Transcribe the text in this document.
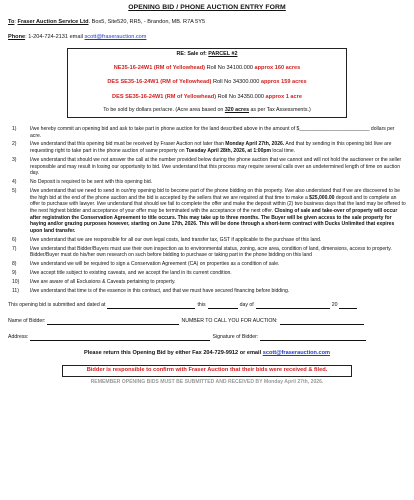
OPENING BID / PHONE AUCTION ENTRY FORM
To: Fraser Auction Service Ltd. Box5, Site520, RR5, - Brandon, MB. R7A 5Y5
Phone: 1-204-724-2131 email scott@fraserauction.com
RE: Sale of: PARCEL #2
NE35-16-24W1 (RM of Yellowhead) Roll No 34100.000 approx 160 acres
DES SE35-16-24W1 (RM of Yellowhead) Roll No 34300.000 approx 159 acres
DES SE35-16-24W1 (RM of Yellowhead) Roll No 34350.000 approx 1 acre
To be sold by dollars per/acre. (Acre area based on 320 acres as per Tax Assessments.)
1)	I/we hereby commit an opening bid and ask to take part in phone auction for the land described above in the amount of $_________________________ dollars per acre.
2)	I/we understand that this opening bid must be received by Fraser Auction not later than Monday April 27th, 2026. And that by sending in this opening bid I/we are requesting right to take part in the phone auction of same property on Tuesday April 28th, 2026, at 1:00pm local time.
3)	I/we understand that should we not answer the call at the number provided below during the phone auction that we cannot and will not hold the auctioneer or the seller responsible and may result in losing our opportunity to bid. I/we understand that this process may require several calls over an undetermined length of time on auction day.
4)	No Deposit is required to be sent with this opening bid.
5)	I/we understand that we need to send in our/my opening bid to become part of the phone bidding on this property. I/we also understand that if we are discovered to be the high bid at the end of the phone auction and the bid is accepted by the sellers that we are required at that time to make a $25,000.00 deposit and to complete an offer to purchase with lawyer. I/we understand that should we fail to complete the offer and make the deposit within (2) two business days that the land may be offered to the next highest bidder and acceptance of your offer may be terminated with the acceptance of the next offer. Closing of sale and take-over of property will occur after registration the Conservation Agreement to title occurs. This may take up to three months. The Buyer will be given access to the sale property for haying and/or grazing purposes however, starting on June 17th, 2026. This will be done through a short-term contract with Ducks Unlimited that expires upon land transfer.
6)	I/we understand that we are responsible for all our own legal costs, land transfer tax, GST if applicable to the purchase of this land.
7)	I/we understand that Bidder/Buyers must use their own inspection as to environmental status, zoning, acre area, condition of land, dimensions, access to property. Bidder/Buyer must do his/her own research on such before bidding to purchase or taking part in the phone bidding on this land
8)	I/we understand we will be required to sign a Conservation Agreement (CA) on properties as a condition of sale.
9)	I/we accept title subject to existing caveats, and we accept the land in its current condition.
10)	I/we are aware of all Exclusions & Caveats pertaining to property.
11)	I/we understand that time is of the essence in this contract, and that we must have secured financing before bidding.
This opening bid is submitted and dated at	this	day of	20
Name of Bidder:	NUMBER TO CALL YOU FOR AUCTION:
Address:	Signature of Bidder:
Please return this Opening Bid by either Fax 204-729-9912 or email scott@fraserauction.com
Bidder is responsible to confirm with Fraser Auction that their bids were received & filed.
REMEMBER OPENING BIDS MUST BE SUBMITTED AND RECEIVED BY Monday April 27th, 2026.
